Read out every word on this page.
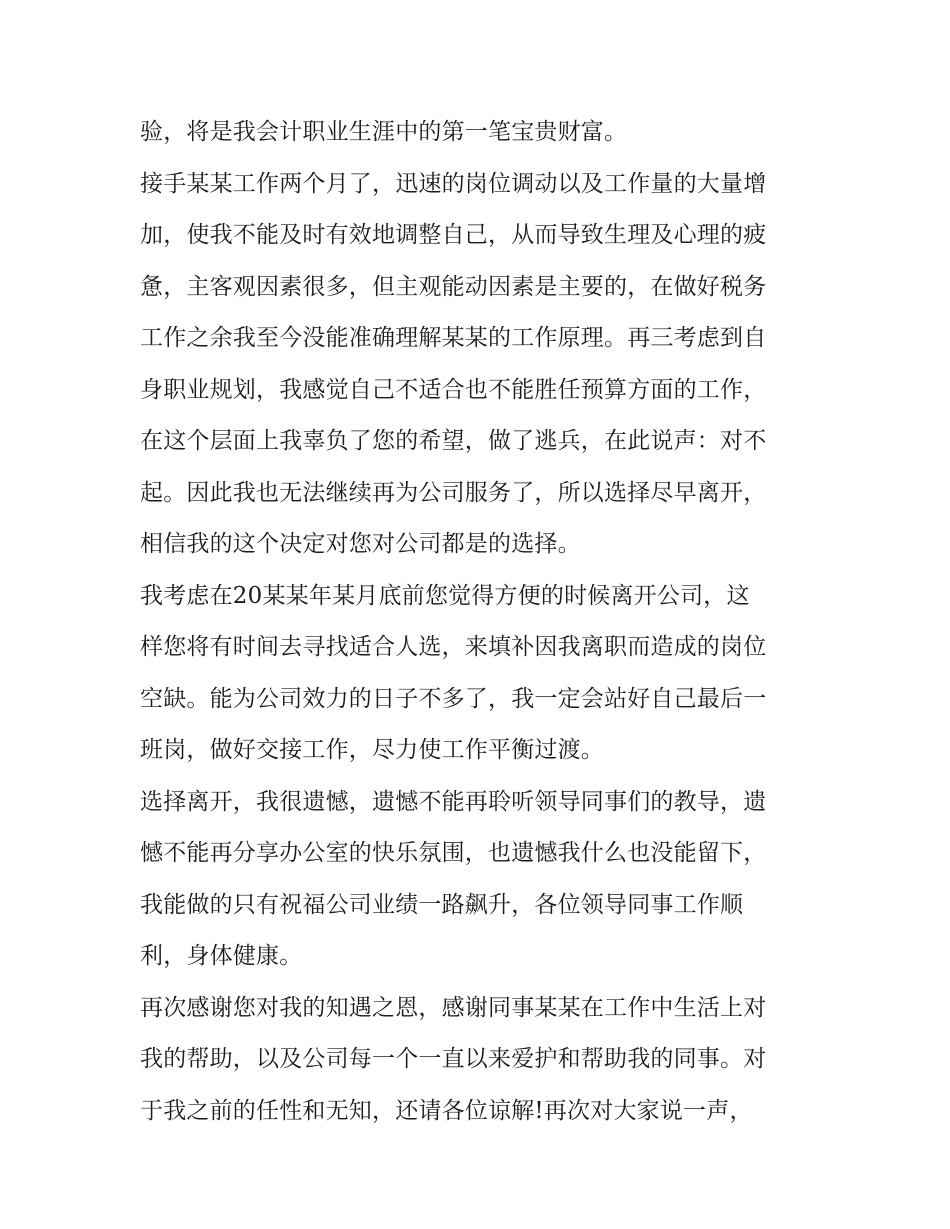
验，将是我会计职业生涯中的第一笔宝贵财富。
接手某某工作两个月了，迅速的岗位调动以及工作量的大量增
加，使我不能及时有效地调整自己，从而导致生理及心理的疲
惫，主客观因素很多，但主观能动因素是主要的，在做好税务
工作之余我至今没能准确理解某某的工作原理。再三考虑到自
身职业规划，我感觉自己不适合也不能胜任预算方面的工作，
在这个层面上我辜负了您的希望，做了逃兵，在此说声：对不
起。因此我也无法继续再为公司服务了，所以选择尽早离开，
相信我的这个决定对您对公司都是的选择。
我考虑在20某某年某月底前您觉得方便的时候离开公司，这
样您将有时间去寻找适合人选，来填补因我离职而造成的岗位
空缺。能为公司效力的日子不多了，我一定会站好自己最后一
班岗，做好交接工作，尽力使工作平衡过渡。
选择离开，我很遗憾，遗憾不能再聆听领导同事们的教导，遗
憾不能再分享办公室的快乐氛围，也遗憾我什么也没能留下，
我能做的只有祝福公司业绩一路飙升，各位领导同事工作顺
利，身体健康。
再次感谢您对我的知遇之恩，感谢同事某某在工作中生活上对
我的帮助，以及公司每一个一直以来爱护和帮助我的同事。对
于我之前的任性和无知，还请各位谅解!再次对大家说一声，
